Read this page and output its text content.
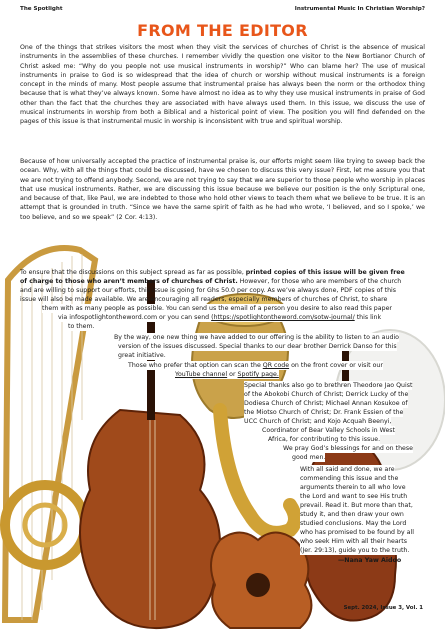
The Spotlight	Instrumental Music In Christian Worship?
FROM THE EDITOR

One of the things that strikes visitors the most when they visit the services of churches of Christ is the absence of musical instruments in the assemblies of these churches. I remember vividly the question one visitor to the New Bortianor Church of Christ asked me: “Why do you people not use musical instruments in worship?” Who can blame her? The use of musical instruments in praise to God is so widespread that the idea of church or worship without musical instruments is a foreign concept in the minds of many. Most people assume that instrumental praise has always been the norm or the orthodox thing because that is what they’ve always known. Some have almost no idea as to why they use musical instruments in praise of God other than the fact that the churches they are associated with have always used them. In this issue, we discuss the use of musical instruments in worship from both a Biblical and a historical point of view. The position you will find defended on the pages of this issue is that instrumental music in worship is inconsistent with true and spiritual worship.

Because of how universally accepted the practice of instrumental praise is, our efforts might seem like trying to sweep back the ocean. Why, with all the things that could be discussed, have we chosen to discuss this very issue? First, let me assure you that we are not trying to offend anybody. Second, we are not trying to say that we are superior to those people who worship in places that use musical instruments. Rather, we are discussing this issue because we believe our position is the only Scriptural one, and because of that, like Paul, we are indebted to those who hold other views to teach them what we believe to be true. It is an attempt that is grounded in truth. “Since we have the same spirit of faith as he had who wrote, ‘I believed, and so I spoke,’ we too believe, and so we speak” (2 Cor. 4:13).

To ensure that the discussions on this subject spread as far as possible, printed copies of this issue will be given free

of charge to those who aren’t members of churches of Christ. However, for those who are members of the church

and are willing to support our efforts, this issue is going for Ghs 50.0 per copy. As we’ve always done, PDF copies of this

issue will also be made available. We are encouraging all readers, especially members of churches of Christ, to share

them with as many people as possible. You can send us the email of a person you desire to also read this paper

via infospotlightontheword.com or you can send (https://spotlightontheword.com/sotw-journal/ this link

to them.

By the way, one new thing we have added to our offering is the ability to listen to an audio

version of the issues discussed. Special thanks to our dear brother Derrick Danso for this

great initiative.

Those who prefer that option can scan the QR code on the front cover or visit our

YouTube channel or Spotify page.

Special thanks also go to brethren Theodore Jao Quist

of the Abokobi Church of Christ; Derrick Lucky of the

Dodiesa Church of Christ; Michael Annan Kosukoe of

the Miotso Church of Christ; Dr. Frank Essien of the

UCC Church of Christ; and Kojo Acquah Beenyi,

Coordinator of Bear Valley Schools in West

Africa, for contributing to this issue.

We pray God’s blessings for and on these

good men.

With all said and done, we are

commending this issue and the

arguments therein to all who love

the Lord and want to see His truth

prevail. Read it. But more than that,

study it, and then draw your own

studied conclusions. May the Lord

who has promised to be found by all

who seek Him with all their hearts

(Jer. 29:13), guide you to the truth.

—Nana Yaw Aidoo
Sept. 2024, Issue 3, Vol. 1
